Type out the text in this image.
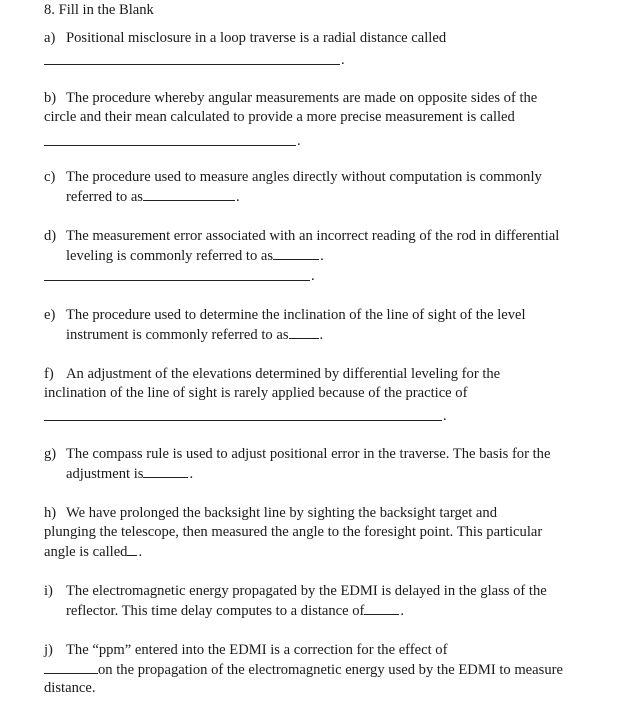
8. Fill in the Blank
a) Positional misclosure in a loop traverse is a radial distance called
.
b) The procedure whereby angular measurements are made on opposite sides of the
circle and their mean calculated to provide a more precise measurement is called
.
c) The procedure used to measure angles directly without computation is commonly
referred to as	.
d) The measurement error associated with an incorrect reading of the rod in differential
leveling is commonly referred to as	.
.
e) The procedure used to determine the inclination of the line of sight of the level
instrument is commonly referred to as .
f) An adjustment of the elevations determined by differential leveling for the
inclination of the line of sight is rarely applied because of the practice of
.
g) The compass rule is used to adjust positional error in the traverse. The basis for the
adjustment is	.
h) We have prolonged the backsight line by sighting the backsight target and
plunging the telescope, then measured the angle to the foresight point. This particular
angle is called .
i) The electromagnetic energy propagated by the EDMI is delayed in the glass of the
reflector. This time delay computes to a distance of .
j) The “ppm” entered into the EDMI is a correction for the effect of
on the propagation of the electromagnetic energy used by the EDMI to measure
distance.
